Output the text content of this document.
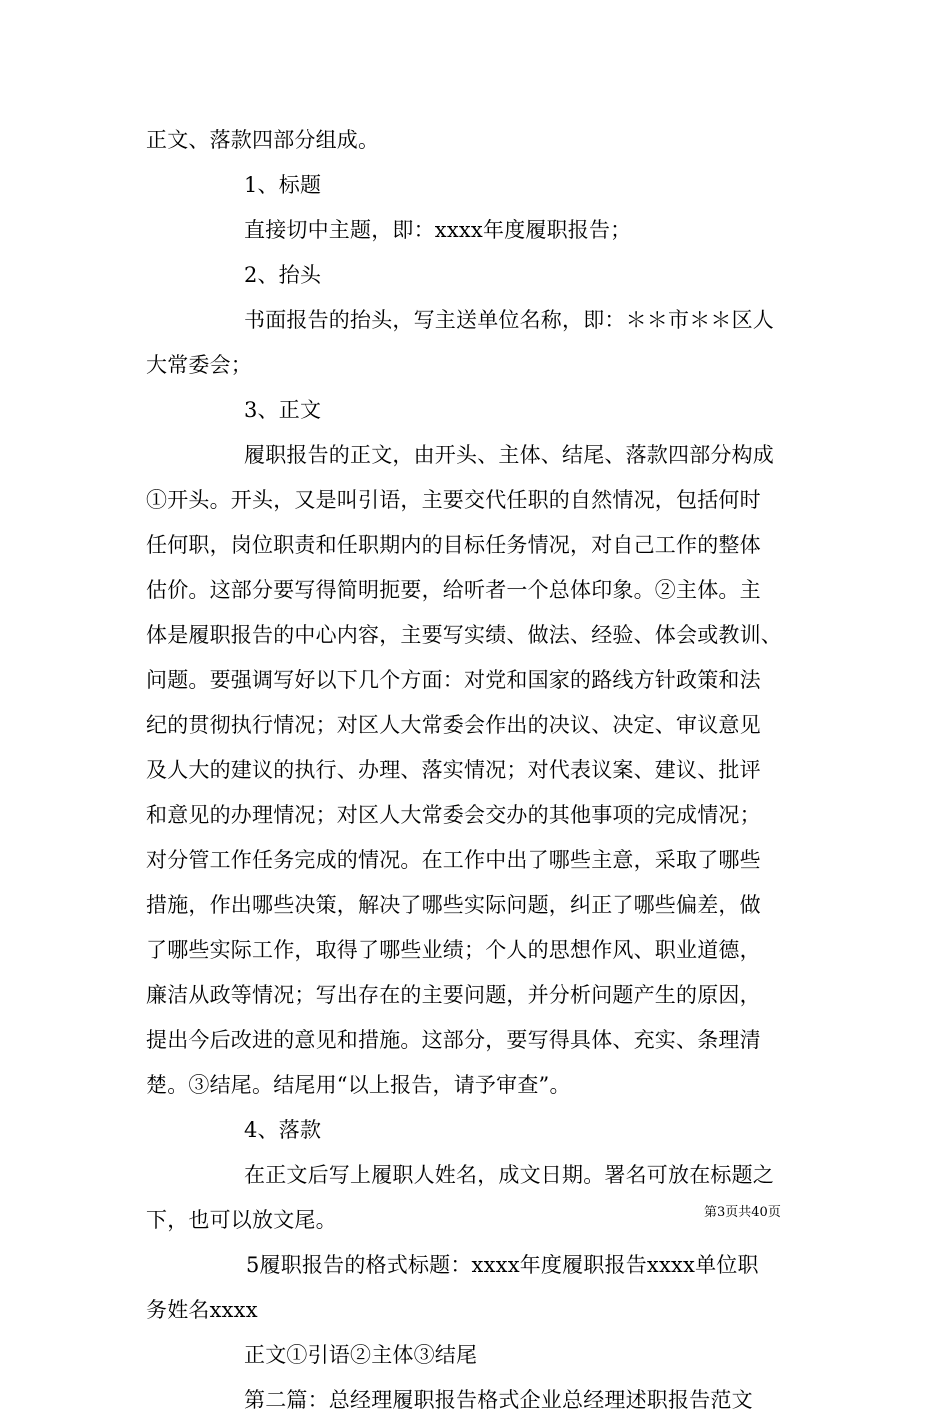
正文、落款四部分组成。
1、标题
直接切中主题，即：xxxx年度履职报告；
2、抬头
书面报告的抬头，写主送单位名称，即：＊＊市＊＊区人
大常委会；
3、正文
履职报告的正文，由开头、主体、结尾、落款四部分构成
①开头。开头，又是叫引语，主要交代任职的自然情况，包括何时
任何职，岗位职责和任职期内的目标任务情况，对自己工作的整体
估价。这部分要写得简明扼要，给听者一个总体印象。②主体。主
体是履职报告的中心内容，主要写实绩、做法、经验、体会或教训、
问题。要强调写好以下几个方面：对党和国家的路线方针政策和法
纪的贯彻执行情况；对区人大常委会作出的决议、决定、审议意见
及人大的建议的执行、办理、落实情况；对代表议案、建议、批评
和意见的办理情况；对区人大常委会交办的其他事项的完成情况；
对分管工作任务完成的情况。在工作中出了哪些主意，采取了哪些
措施，作出哪些决策，解决了哪些实际问题，纠正了哪些偏差，做
了哪些实际工作，取得了哪些业绩；个人的思想作风、职业道德，
廉洁从政等情况；写出存在的主要问题，并分析问题产生的原因，
提出今后改进的意见和措施。这部分，要写得具体、充实、条理清
楚。③结尾。结尾用“以上报告，请予审查”。
4、落款
在正文后写上履职人姓名，成文日期。署名可放在标题之
下，也可以放文尾。
5履职报告的格式标题：xxxx年度履职报告xxxx单位职
务姓名xxxx
正文①引语②主体③结尾
第二篇：总经理履职报告格式企业总经理述职报告范文
第3页共40页
